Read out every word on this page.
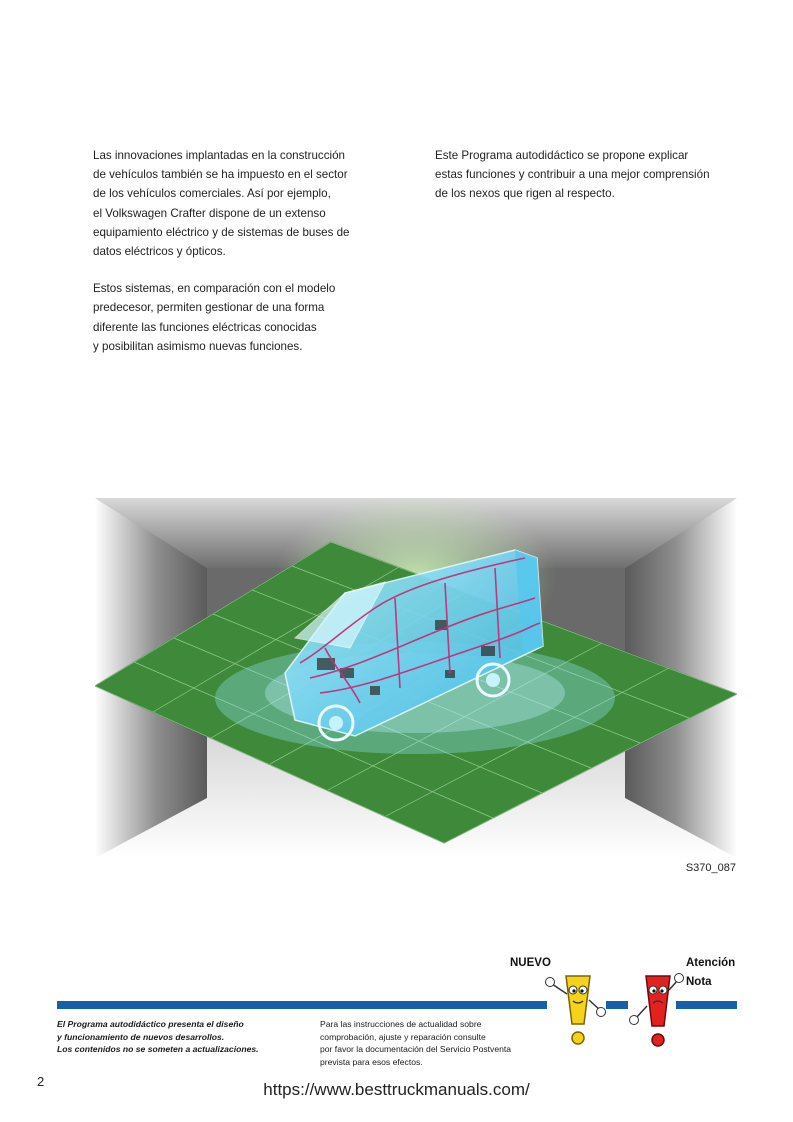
Las innovaciones implantadas en la construcción
de vehículos también se ha impuesto en el sector
de los vehículos comerciales. Así por ejemplo,
el Volkswagen Crafter dispone de un extenso
equipamiento eléctrico y de sistemas de buses de
datos eléctricos y ópticos.

Estos sistemas, en comparación con el modelo
predecesor, permiten gestionar de una forma
diferente las funciones eléctricas conocidas
y posibilitan asimismo nuevas funciones.

Este Programa autodidáctico se propone explicar
estas funciones y contribuir a una mejor comprensión
de los nexos que rigen al respecto.

S370_087
NUEVO	Atención
Nota
El Programa autodidáctico presenta el diseño
y funcionamiento de nuevos desarrollos.
Los contenidos no se someten a actualizaciones.
Para las instrucciones de actualidad sobre
comprobación, ajuste y reparación consulte
por favor la documentación del Servicio Postventa
prevista para esos efectos.
2	https://www.besttruckmanuals.com/
